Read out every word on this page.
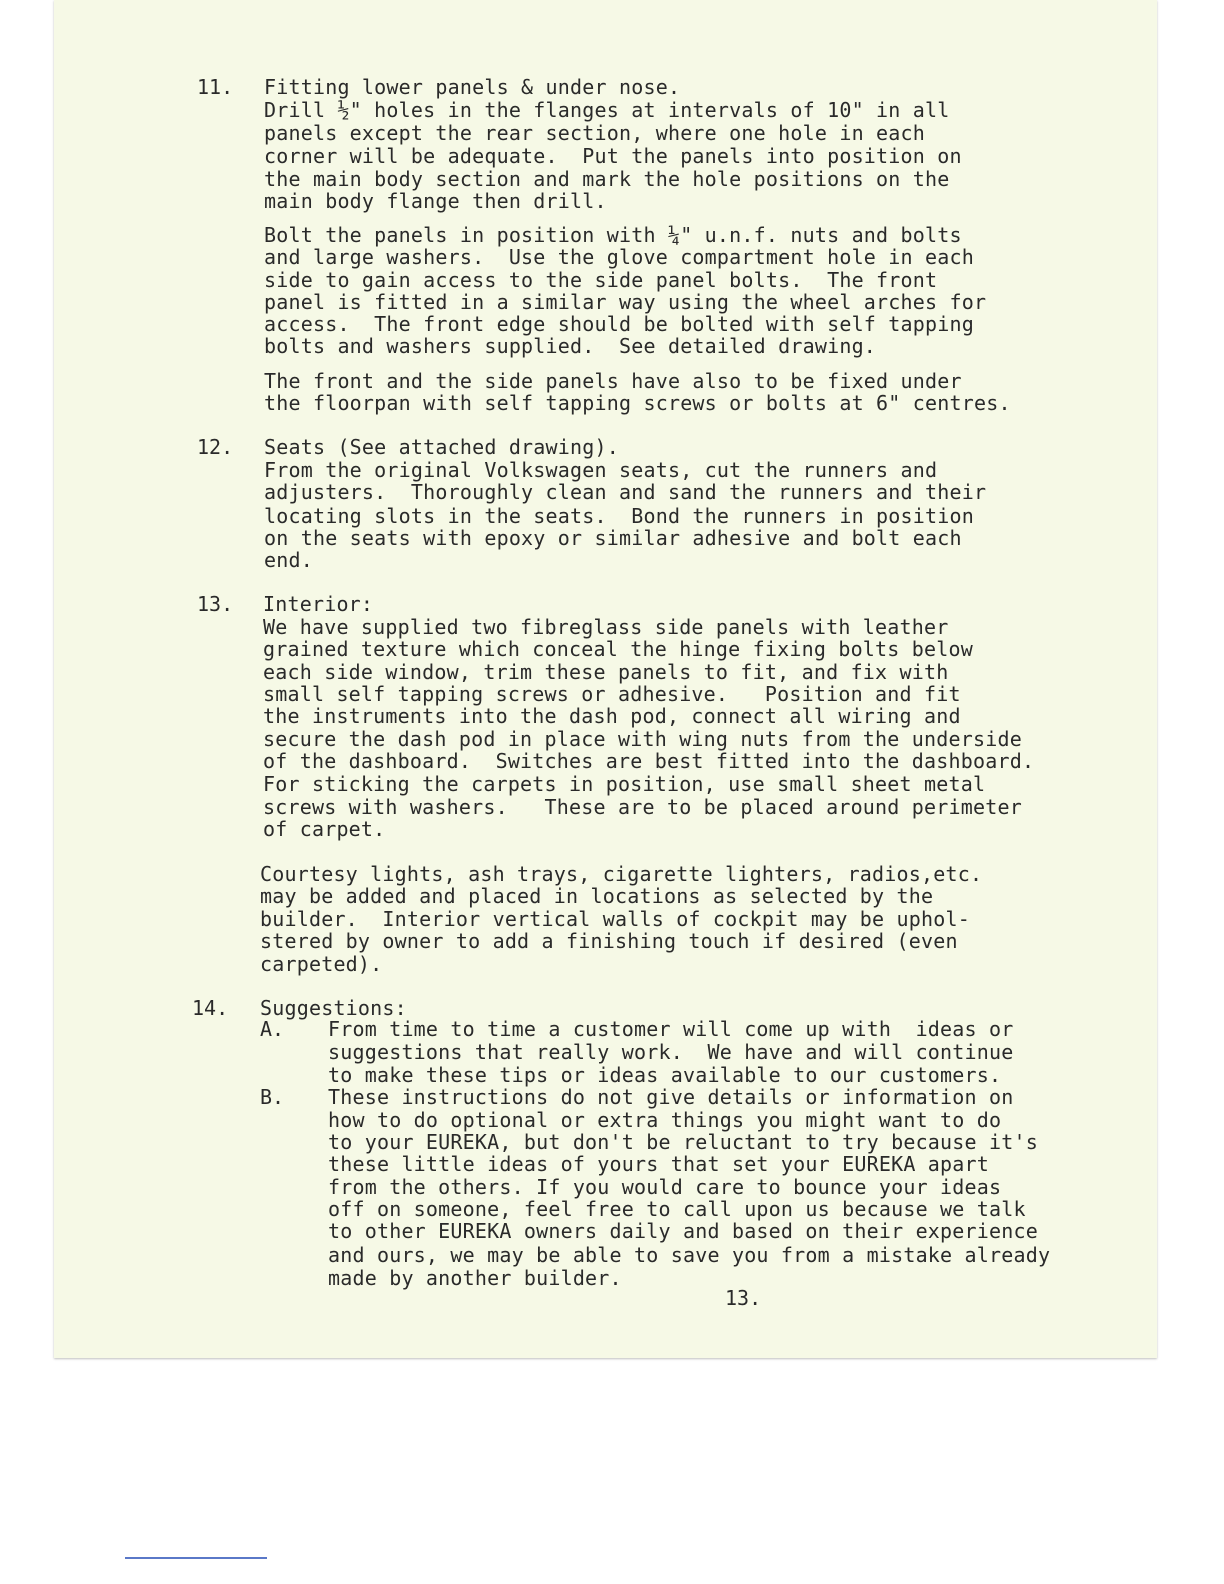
11. Fitting lower panels & under nose.
Drill ½" holes in the flanges at intervals of 10" in all
panels except the rear section, where one hole in each
corner will be adequate.  Put the panels into position on
the main body section and mark the hole positions on the
main body flange then drill.
Bolt the panels in position with ¼" u.n.f. nuts and bolts
and large washers.  Use the glove compartment hole in each
side to gain access to the side panel bolts.  The front
panel is fitted in a similar way using the wheel arches for
access.  The front edge should be bolted with self tapping
bolts and washers supplied.  See detailed drawing.
The front and the side panels have also to be fixed under
the floorpan with self tapping screws or bolts at 6" centres.
12. Seats (See attached drawing).
From the original Volkswagen seats, cut the runners and
adjusters.  Thoroughly clean and sand the runners and their
locating slots in the seats.  Bond the runners in position
on the seats with epoxy or similar adhesive and bolt each
end.
13. Interior:
We have supplied two fibreglass side panels with leather
grained texture which conceal the hinge fixing bolts below
each side window, trim these panels to fit, and fix with
small self tapping screws or adhesive.   Position and fit
the instruments into the dash pod, connect all wiring and
secure the dash pod in place with wing nuts from the underside
of the dashboard.  Switches are best fitted into the dashboard.
For sticking the carpets in position, use small sheet metal
screws with washers.   These are to be placed around perimeter
of carpet.
Courtesy lights, ash trays, cigarette lighters, radios,etc.
may be added and placed in locations as selected by the
builder.  Interior vertical walls of cockpit may be uphol-
stered by owner to add a finishing touch if desired (even
carpeted).
14. Suggestions:
A. From time to time a customer will come up with  ideas or
suggestions that really work.  We have and will continue
to make these tips or ideas available to our customers.
B. These instructions do not give details or information on
how to do optional or extra things you might want to do
to your EUREKA, but don't be reluctant to try because it's
these little ideas of yours that set your EUREKA apart
from the others. If you would care to bounce your ideas
off on someone, feel free to call upon us because we talk
to other EUREKA owners daily and based on their experience
and ours, we may be able to save you from a mistake already
made by another builder.
13.
